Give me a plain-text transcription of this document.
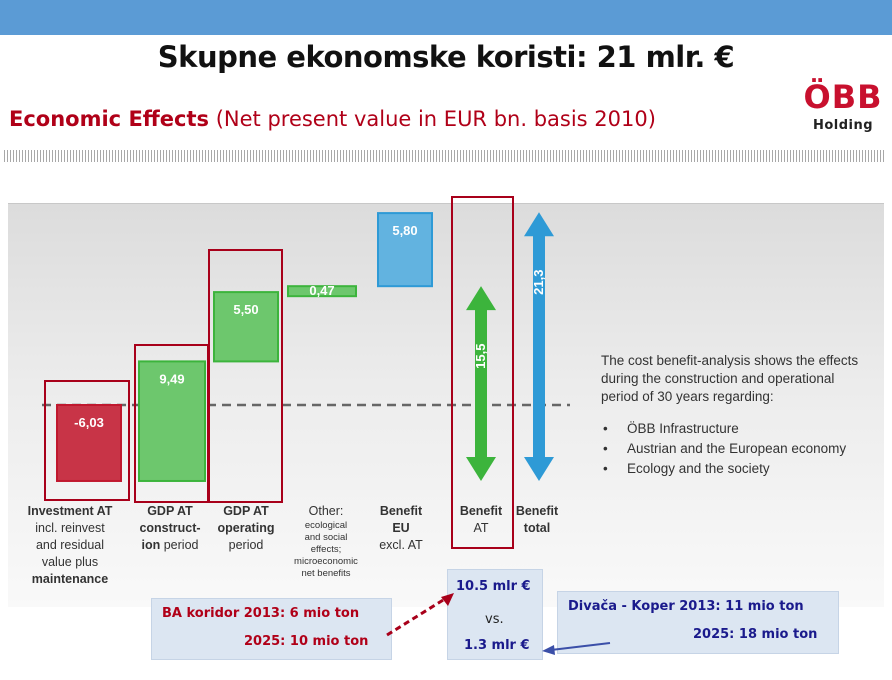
Skupne ekonomske koristi: 21 mlr. €
Economic Effects (Net present value in EUR bn. basis 2010)
ÖBB
Holding
-6,03
9,49
5,50
0,47
5,80
15,5
21,3
The cost benefit-analysis shows the effects during the construction and operational period of 30 years regarding:
• ÖBB Infrastructure
• Austrian and the European economy
• Ecology and the society
Investment AT
incl. reinvest
and residual
value plus
maintenance
GDP AT
construct-
ion period
GDP AT
operating
period
Other:
ecological
and social
effects;
microeconomic
net benefits
Benefit
EU
excl. AT
Benefit
AT
Benefit
total
BA koridor 2013: 6 mio ton
2025: 10 mio ton
10.5 mlr €
vs.
1.3 mlr €
Divača - Koper 2013: 11 mio ton
2025: 18 mio ton
